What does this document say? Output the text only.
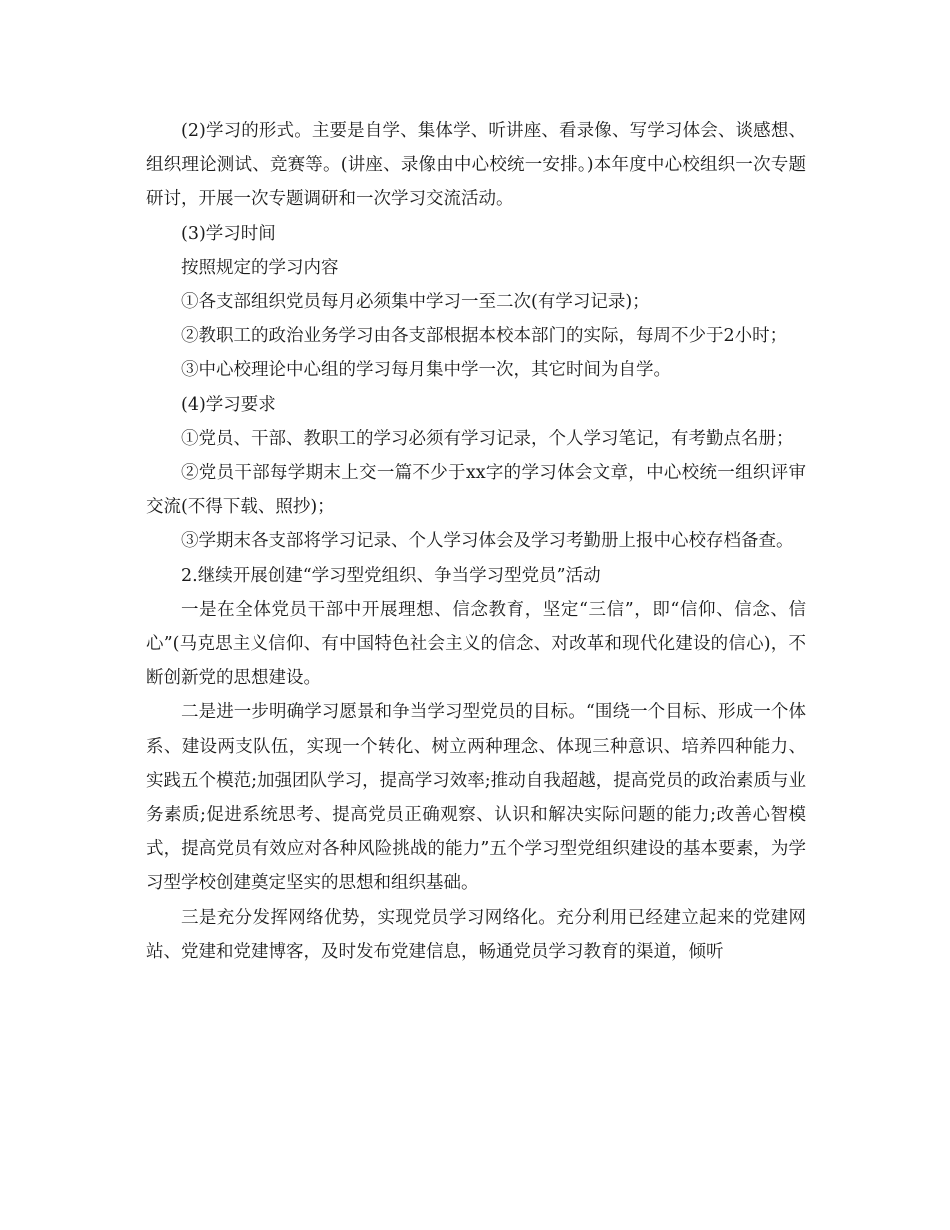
(2)学习的形式。主要是自学、集体学、听讲座、看录像、写学习体会、谈感想、组织理论测试、竞赛等。(讲座、录像由中心校统一安排。)本年度中心校组织一次专题研讨，开展一次专题调研和一次学习交流活动。

(3)学习时间

按照规定的学习内容

①各支部组织党员每月必须集中学习一至二次(有学习记录)；

②教职工的政治业务学习由各支部根据本校本部门的实际，每周不少于2小时；

③中心校理论中心组的学习每月集中学一次，其它时间为自学。

(4)学习要求

①党员、干部、教职工的学习必须有学习记录，个人学习笔记，有考勤点名册；

②党员干部每学期末上交一篇不少于xx字的学习体会文章，中心校统一组织评审交流(不得下载、照抄)；

③学期末各支部将学习记录、个人学习体会及学习考勤册上报中心校存档备查。

2.继续开展创建“学习型党组织、争当学习型党员”活动

一是在全体党员干部中开展理想、信念教育，坚定“三信”，即“信仰、信念、信心”(马克思主义信仰、有中国特色社会主义的信念、对改革和现代化建设的信心)，不断创新党的思想建设。

二是进一步明确学习愿景和争当学习型党员的目标。“围绕一个目标、形成一个体系、建设两支队伍，实现一个转化、树立两种理念、体现三种意识、培养四种能力、实践五个模范;加强团队学习，提高学习效率;推动自我超越，提高党员的政治素质与业务素质;促进系统思考、提高党员正确观察、认识和解决实际问题的能力;改善心智模式，提高党员有效应对各种风险挑战的能力”五个学习型党组织建设的基本要素，为学习型学校创建奠定坚实的思想和组织基础。

三是充分发挥网络优势，实现党员学习网络化。充分利用已经建立起来的党建网站、党建和党建博客，及时发布党建信息，畅通党员学习教育的渠道，倾听
